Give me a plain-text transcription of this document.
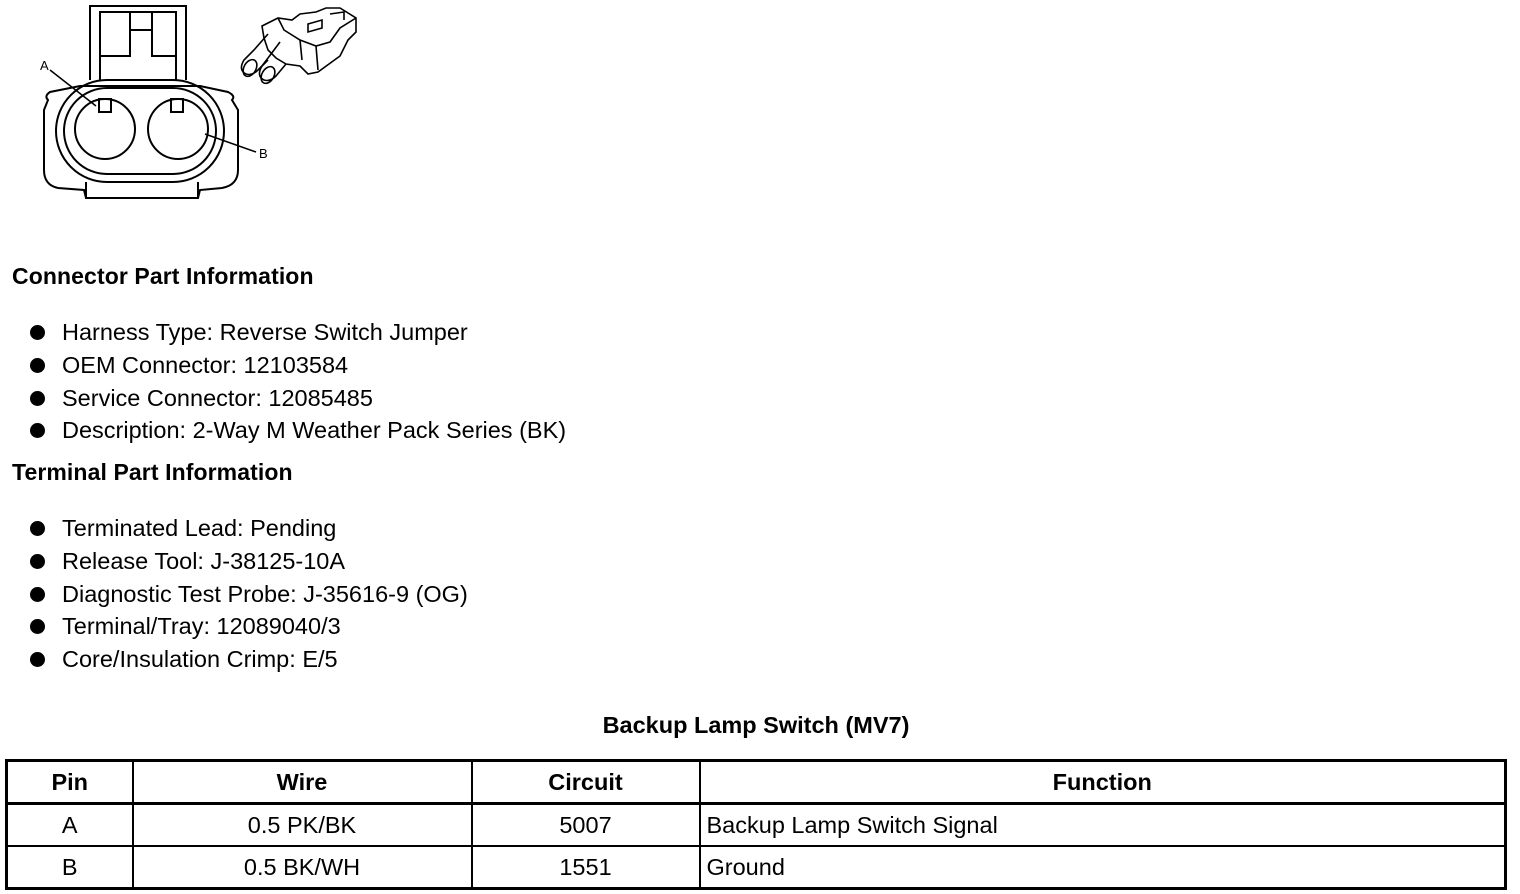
A
B
Connector Part Information
Harness Type: Reverse Switch Jumper
OEM Connector: 12103584
Service Connector: 12085485
Description: 2-Way M Weather Pack Series (BK)
Terminal Part Information
Terminated Lead: Pending
Release Tool: J-38125-10A
Diagnostic Test Probe: J-35616-9 (OG)
Terminal/Tray: 12089040/3
Core/Insulation Crimp: E/5

Backup Lamp Switch (MV7)

Pin	Wire	Circuit	Function
A	0.5 PK/BK	5007	Backup Lamp Switch Signal
B	0.5 BK/WH	1551	Ground
